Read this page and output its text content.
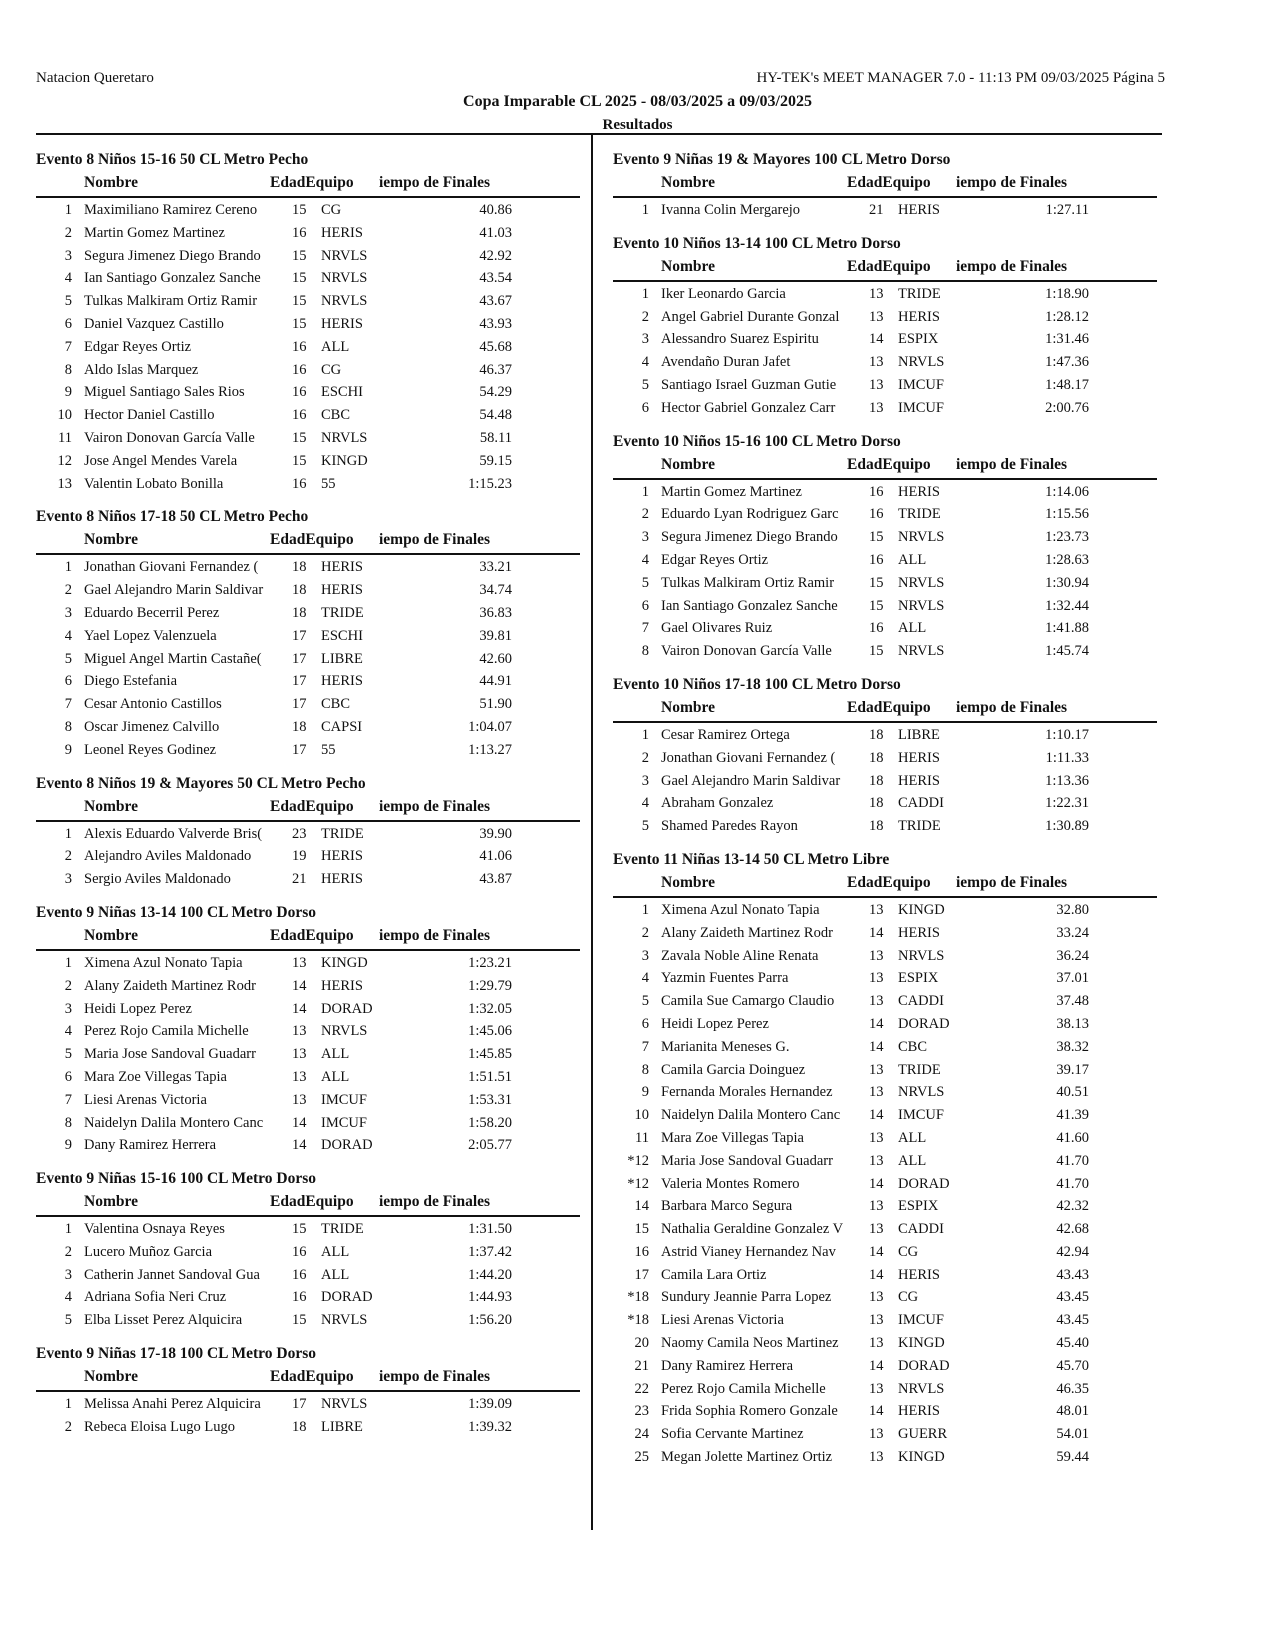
Natacion Queretaro	HY-TEK's MEET MANAGER 7.0 - 11:13 PM 09/03/2025 Página 5
Copa Imparable CL 2025 - 08/03/2025 a 09/03/2025
Resultados
Evento 8 Niños 15-16 50 CL Metro Pecho
Nombre	EdadEquipo iempo de Finales
1 Maximiliano Ramirez Cereno	15 CG	40.86
2 Martin Gomez Martinez	16 HERIS	41.03
3 Segura Jimenez Diego Brando	15 NRVLS	42.92
4 Ian Santiago Gonzalez Sanche	15 NRVLS	43.54
5 Tulkas Malkiram Ortiz Ramir	15 NRVLS	43.67
6 Daniel Vazquez Castillo	15 HERIS	43.93
7 Edgar Reyes Ortiz	16 ALL	45.68
8 Aldo Islas Marquez	16 CG	46.37
9 Miguel Santiago Sales Rios	16 ESCHI	54.29
10 Hector Daniel Castillo	16 CBC	54.48
11 Vairon Donovan García Valle	15 NRVLS	58.11
12 Jose Angel Mendes Varela	15 KINGD	59.15
13 Valentin Lobato Bonilla	16 55	1:15.23
Evento 8 Niños 17-18 50 CL Metro Pecho
Nombre	EdadEquipo iempo de Finales
1 Jonathan Giovani Fernandez (	18 HERIS	33.21
2 Gael Alejandro Marin Saldivar	18 HERIS	34.74
3 Eduardo Becerril Perez	18 TRIDE	36.83
4 Yael Lopez Valenzuela	17 ESCHI	39.81
5 Miguel Angel Martin Castañe(	17 LIBRE	42.60
6 Diego Estefania	17 HERIS	44.91
7 Cesar Antonio Castillos	17 CBC	51.90
8 Oscar Jimenez Calvillo	18 CAPSI	1:04.07
9 Leonel Reyes Godinez	17 55	1:13.27
Evento 8 Niños 19 & Mayores 50 CL Metro Pecho
Nombre	EdadEquipo iempo de Finales
1 Alexis Eduardo Valverde Bris(	23 TRIDE	39.90
2 Alejandro Aviles Maldonado	19 HERIS	41.06
3 Sergio Aviles Maldonado	21 HERIS	43.87
Evento 9 Niñas 13-14 100 CL Metro Dorso
Nombre	EdadEquipo iempo de Finales
1 Ximena Azul Nonato Tapia	13 KINGD	1:23.21
2 Alany Zaideth Martinez Rodr	14 HERIS	1:29.79
3 Heidi Lopez Perez	14 DORAD	1:32.05
4 Perez Rojo Camila Michelle	13 NRVLS	1:45.06
5 Maria Jose Sandoval Guadarr	13 ALL	1:45.85
6 Mara Zoe Villegas Tapia	13 ALL	1:51.51
7 Liesi Arenas Victoria	13 IMCUF	1:53.31
8 Naidelyn Dalila Montero Canc	14 IMCUF	1:58.20
9 Dany Ramirez Herrera	14 DORAD	2:05.77
Evento 9 Niñas 15-16 100 CL Metro Dorso
Nombre	EdadEquipo iempo de Finales
1 Valentina Osnaya Reyes	15 TRIDE	1:31.50
2 Lucero Muñoz Garcia	16 ALL	1:37.42
3 Catherin Jannet Sandoval Gua	16 ALL	1:44.20
4 Adriana Sofia Neri Cruz	16 DORAD	1:44.93
5 Elba Lisset Perez Alquicira	15 NRVLS	1:56.20
Evento 9 Niñas 17-18 100 CL Metro Dorso
Nombre	EdadEquipo iempo de Finales
1 Melissa Anahi Perez Alquicira	17 NRVLS	1:39.09
2 Rebeca Eloisa Lugo Lugo	18 LIBRE	1:39.32
Evento 9 Niñas 19 & Mayores 100 CL Metro Dorso
Nombre	EdadEquipo iempo de Finales
1 Ivanna Colin Mergarejo	21 HERIS	1:27.11
Evento 10 Niños 13-14 100 CL Metro Dorso
Nombre	EdadEquipo iempo de Finales
1 Iker Leonardo Garcia	13 TRIDE	1:18.90
2 Angel Gabriel Durante Gonzal	13 HERIS	1:28.12
3 Alessandro Suarez Espiritu	14 ESPIX	1:31.46
4 Avendaño Duran Jafet	13 NRVLS	1:47.36
5 Santiago Israel Guzman Gutie	13 IMCUF	1:48.17
6 Hector Gabriel Gonzalez Carr	13 IMCUF	2:00.76
Evento 10 Niños 15-16 100 CL Metro Dorso
Nombre	EdadEquipo iempo de Finales
1 Martin Gomez Martinez	16 HERIS	1:14.06
2 Eduardo Lyan Rodriguez Garc	16 TRIDE	1:15.56
3 Segura Jimenez Diego Brando	15 NRVLS	1:23.73
4 Edgar Reyes Ortiz	16 ALL	1:28.63
5 Tulkas Malkiram Ortiz Ramir	15 NRVLS	1:30.94
6 Ian Santiago Gonzalez Sanche	15 NRVLS	1:32.44
7 Gael Olivares Ruiz	16 ALL	1:41.88
8 Vairon Donovan García Valle	15 NRVLS	1:45.74
Evento 10 Niños 17-18 100 CL Metro Dorso
Nombre	EdadEquipo iempo de Finales
1 Cesar Ramirez Ortega	18 LIBRE	1:10.17
2 Jonathan Giovani Fernandez (	18 HERIS	1:11.33
3 Gael Alejandro Marin Saldivar	18 HERIS	1:13.36
4 Abraham Gonzalez	18 CADDI	1:22.31
5 Shamed Paredes Rayon	18 TRIDE	1:30.89
Evento 11 Niñas 13-14 50 CL Metro Libre
Nombre	EdadEquipo iempo de Finales
1 Ximena Azul Nonato Tapia	13 KINGD	32.80
2 Alany Zaideth Martinez Rodr	14 HERIS	33.24
3 Zavala Noble Aline Renata	13 NRVLS	36.24
4 Yazmin Fuentes Parra	13 ESPIX	37.01
5 Camila Sue Camargo Claudio	13 CADDI	37.48
6 Heidi Lopez Perez	14 DORAD	38.13
7 Marianita Meneses G.	14 CBC	38.32
8 Camila Garcia Doinguez	13 TRIDE	39.17
9 Fernanda Morales Hernandez	13 NRVLS	40.51
10 Naidelyn Dalila Montero Canc	14 IMCUF	41.39
11 Mara Zoe Villegas Tapia	13 ALL	41.60
*12 Maria Jose Sandoval Guadarr	13 ALL	41.70
*12 Valeria Montes Romero	14 DORAD	41.70
14 Barbara Marco Segura	13 ESPIX	42.32
15 Nathalia Geraldine Gonzalez V	13 CADDI	42.68
16 Astrid Vianey Hernandez Nav	14 CG	42.94
17 Camila Lara Ortiz	14 HERIS	43.43
*18 Sundury Jeannie Parra Lopez	13 CG	43.45
*18 Liesi Arenas Victoria	13 IMCUF	43.45
20 Naomy Camila Neos Martinez	13 KINGD	45.40
21 Dany Ramirez Herrera	14 DORAD	45.70
22 Perez Rojo Camila Michelle	13 NRVLS	46.35
23 Frida Sophia Romero Gonzale	14 HERIS	48.01
24 Sofia Cervante Martinez	13 GUERR	54.01
25 Megan Jolette Martinez Ortiz	13 KINGD	59.44
